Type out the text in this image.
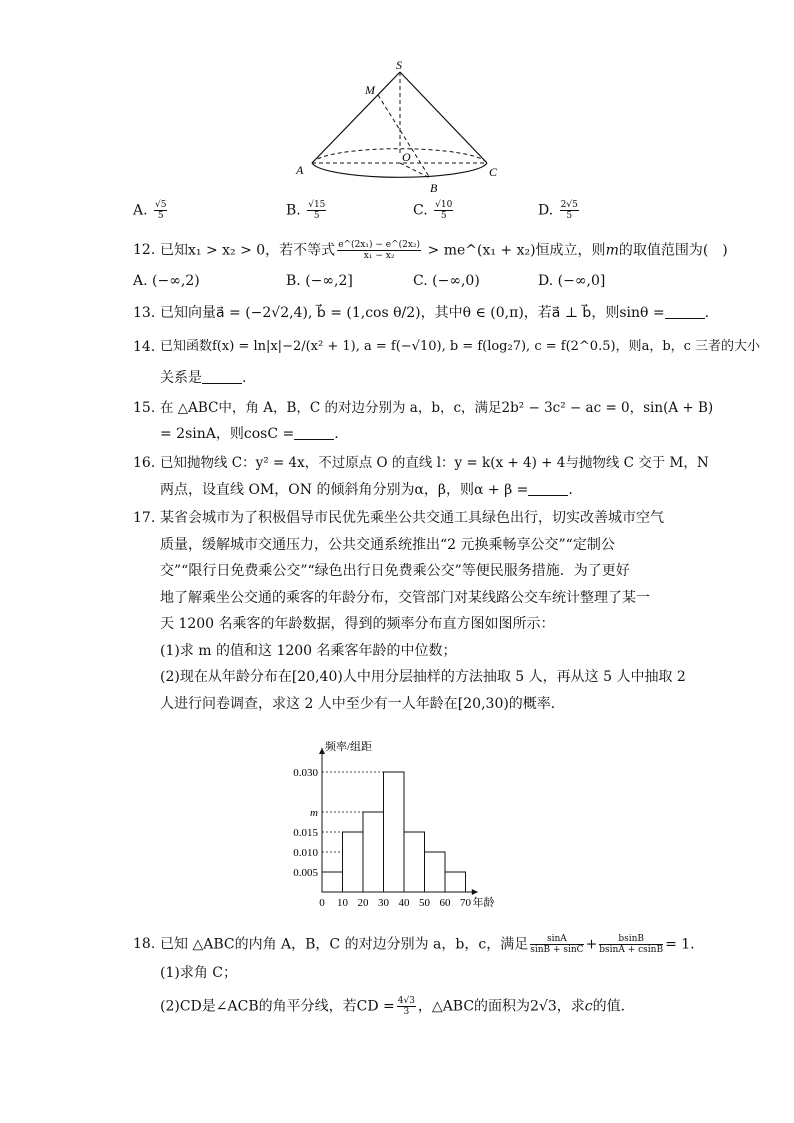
S
M
O
A
B
C
A. $\frac{√5}{5}$	B. $\frac{√15}{5}$	C. $\frac{√10}{5}$	D. $\frac{2√5}{5}$
12. 已知x₁ > x₂ > 0，若不等式 $\frac{\text{e\textasciicircum{}(2x₁) − e\textasciicircum{}(2x₂)}}{\text{x₁ − x₂}}$ > me^(x₁ + x₂)恒成立，则m的取值范围为(　)
A. (−∞,2)	B. (−∞,2]	C. (−∞,0)	D. (−∞,0]
13. 已知向量a⃗ = (−2√2,4), b⃗ = (1,cos θ/2)，其中θ ∈ (0,π)，若a⃗ ⊥ b⃗，则sinθ =	.
14. 已知函数f(x) = ln|x|−2/(x² + 1), a = f(−√10), b = f(log₂7), c = f(2^0.5)，则a，b，c 三者的大小
关系是	.
15. 在 △ABC中，角 A，B，C 的对边分别为 a，b，c，满足2b² − 3c² − ac = 0，sin(A + B)
= 2sinA，则cosC =	.
16. 已知抛物线 C：y² = 4x，不过原点 O 的直线 l：y = k(x + 4) + 4与抛物线 C 交于 M，N
两点，设直线 OM，ON 的倾斜角分别为α，β，则α + β =	.
17. 某省会城市为了积极倡导市民优先乘坐公共交通工具绿色出行，切实改善城市空气
质量，缓解城市交通压力，公共交通系统推出“2 元换乘畅享公交”“定制公
交”“限行日免费乘公交”“绿色出行日免费乘公交”等便民服务措施．为了更好
地了解乘坐公交通的乘客的年龄分布，交管部门对某线路公交车统计整理了某一
天 1200 名乘客的年龄数据，得到的频率分布直方图如图所示：
(1)求 m 的值和这 1200 名乘客年龄的中位数；
(2)现在从年龄分布在[20,40)人中用分层抽样的方法抽取 5 人，再从这 5 人中抽取 2
人进行问卷调查，求这 2 人中至少有一人年龄在[20,30)的概率．
0.030
m
0.015
0.010
0.005
0 10 20 30 40 50 60 70 年龄
频率/组距
18. 已知 △ABC的内角 A，B，C 的对边分别为 a，b，c，满足 $\frac{\sin A}{\sin B + \sin C} + \frac{bsinB}{bsinA + csinB} = 1$.
(1)求角 C；
(2)CD是∠ACB的角平分线，若CD = $\frac{4√3}{3}$ ，△ABC的面积为2√3，求c的值．
